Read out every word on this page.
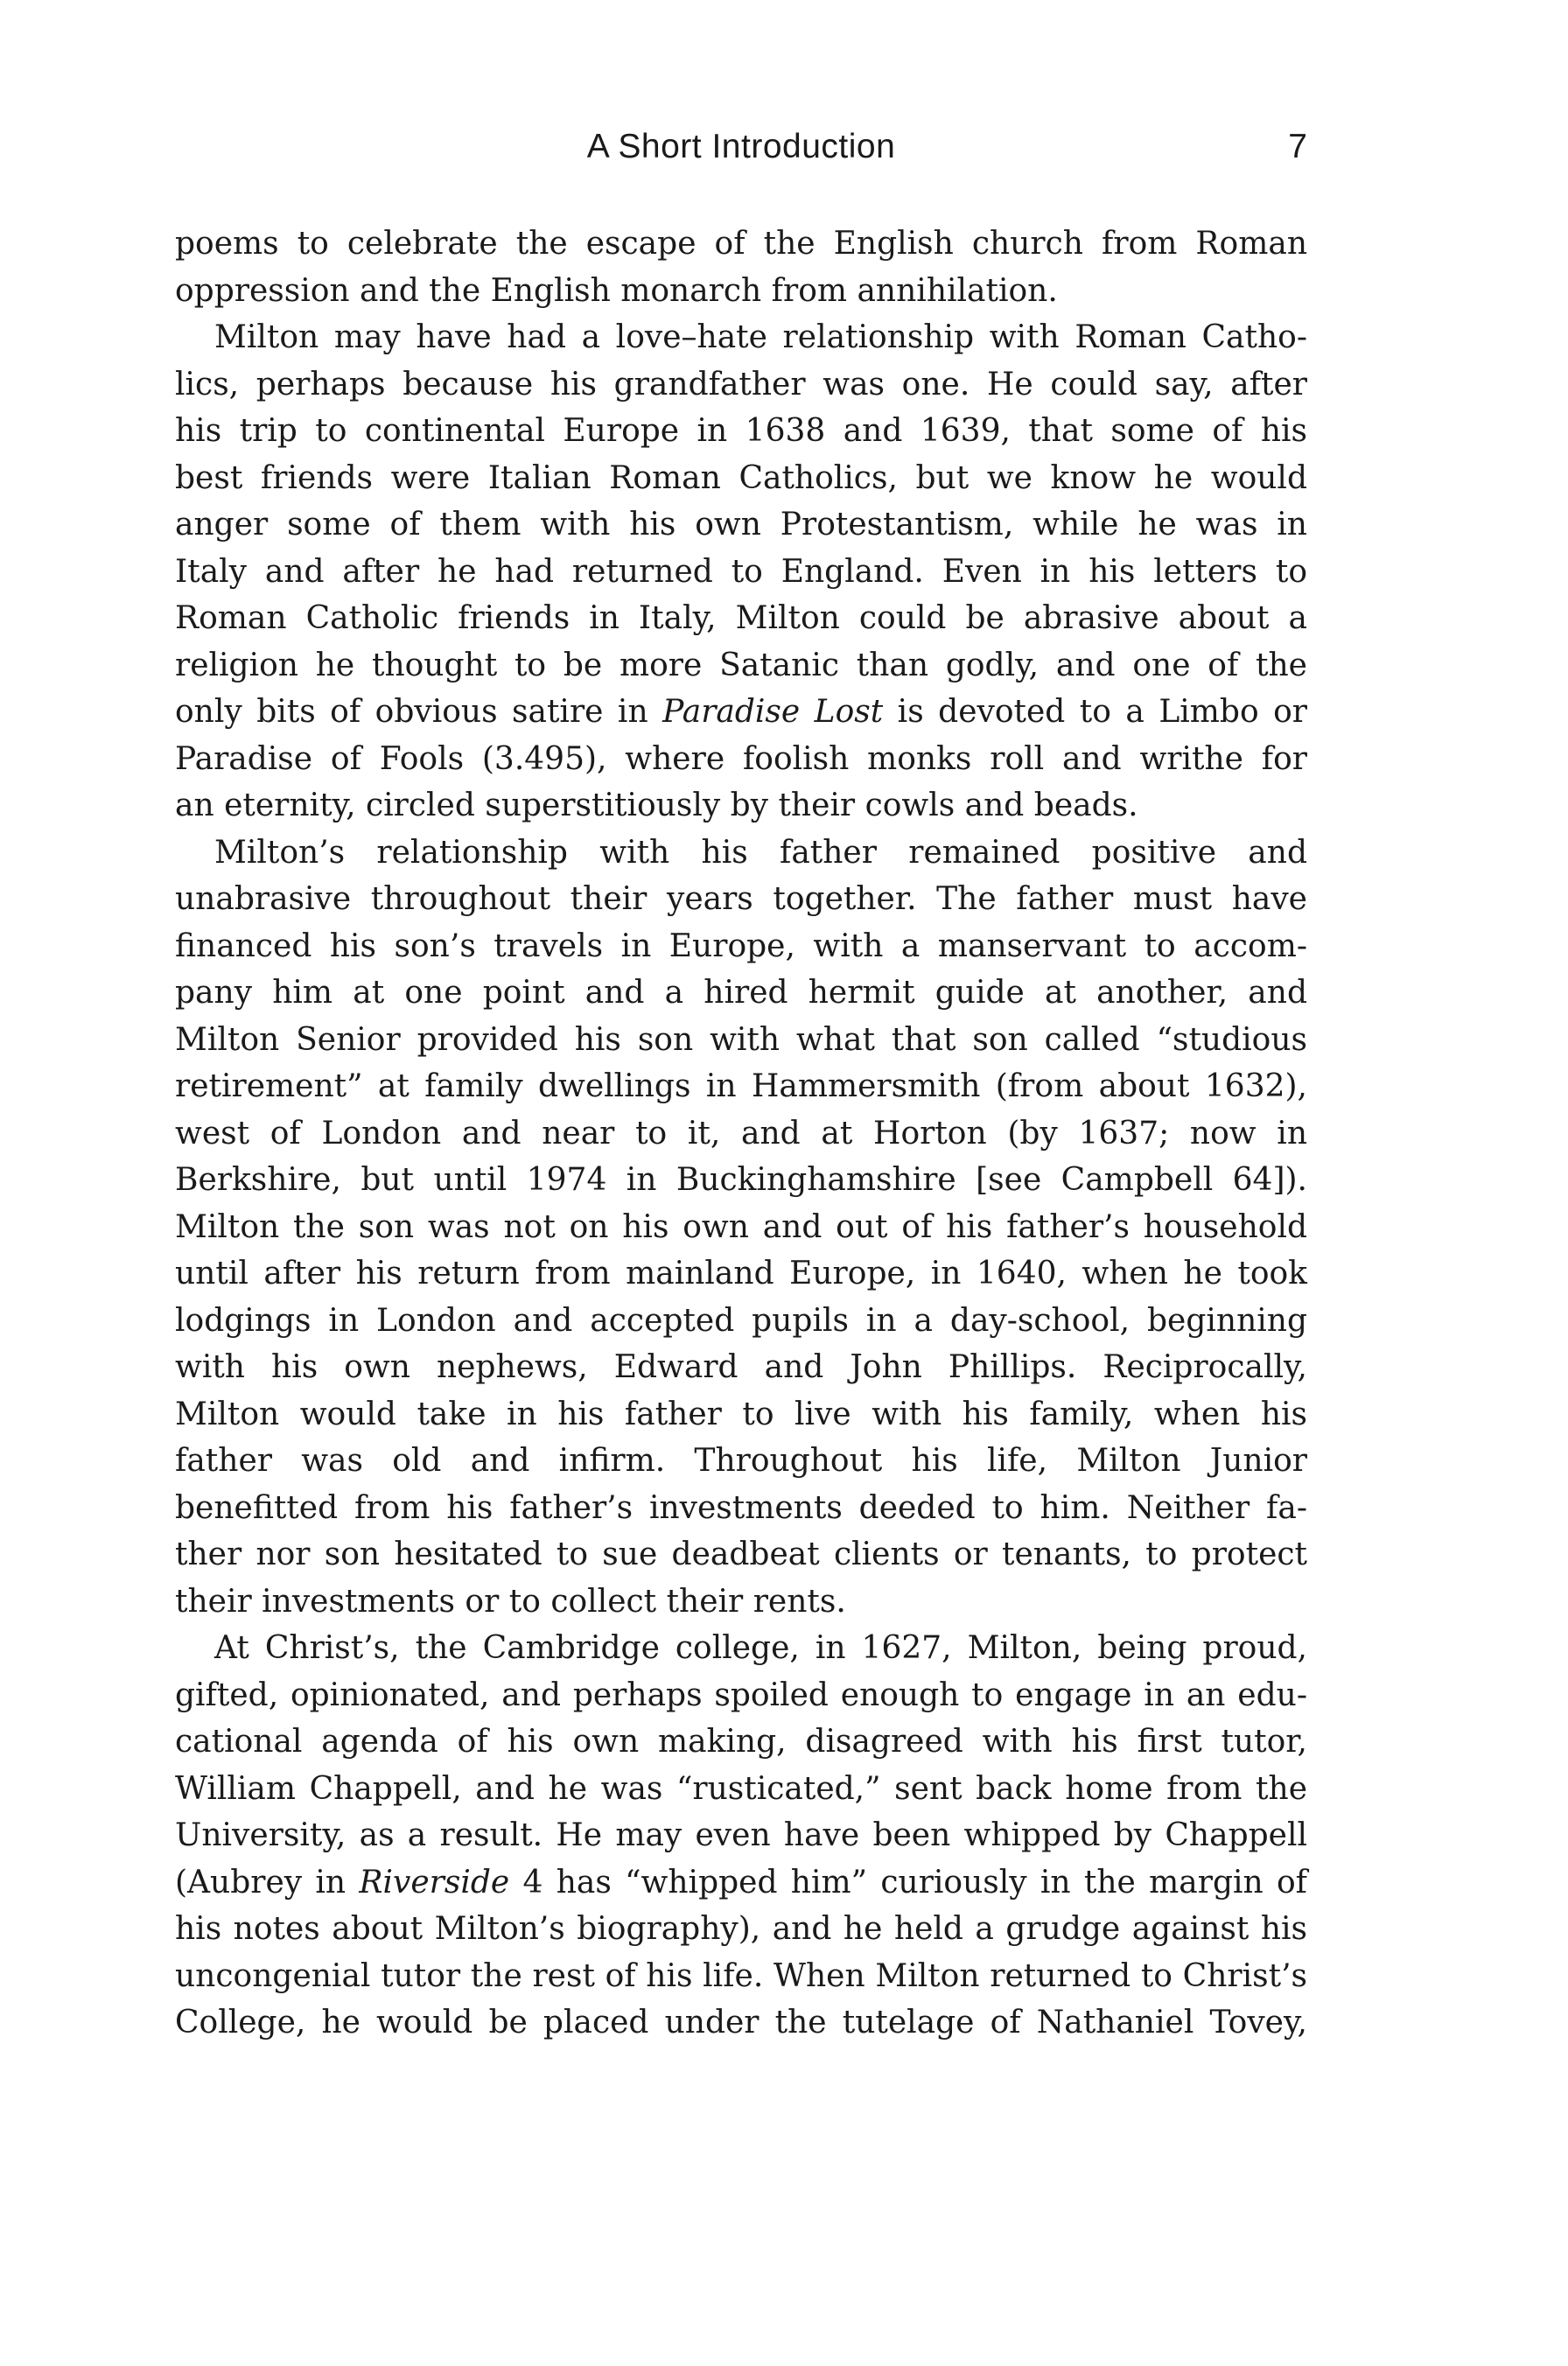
A Short Introduction	7

poems to celebrate the escape of the English church from Roman
oppression and the English monarch from annihilation.

Milton may have had a love–hate relationship with Roman Catho-
lics, perhaps because his grandfather was one. He could say, after
his trip to continental Europe in 1638 and 1639, that some of his
best friends were Italian Roman Catholics, but we know he would
anger some of them with his own Protestantism, while he was in
Italy and after he had returned to England. Even in his letters to
Roman Catholic friends in Italy, Milton could be abrasive about a
religion he thought to be more Satanic than godly, and one of the
only bits of obvious satire in Paradise Lost is devoted to a Limbo or
Paradise of Fools (3.495), where foolish monks roll and writhe for
an eternity, circled superstitiously by their cowls and beads.

Milton’s relationship with his father remained positive and
unabrasive throughout their years together. The father must have
financed his son’s travels in Europe, with a manservant to accom-
pany him at one point and a hired hermit guide at another, and
Milton Senior provided his son with what that son called “studious
retirement” at family dwellings in Hammersmith (from about 1632),
west of London and near to it, and at Horton (by 1637; now in
Berkshire, but until 1974 in Buckinghamshire [see Campbell 64]).
Milton the son was not on his own and out of his father’s household
until after his return from mainland Europe, in 1640, when he took
lodgings in London and accepted pupils in a day-school, beginning
with his own nephews, Edward and John Phillips. Reciprocally,
Milton would take in his father to live with his family, when his
father was old and infirm. Throughout his life, Milton Junior
benefitted from his father’s investments deeded to him. Neither fa-
ther nor son hesitated to sue deadbeat clients or tenants, to protect
their investments or to collect their rents.

At Christ’s, the Cambridge college, in 1627, Milton, being proud,
gifted, opinionated, and perhaps spoiled enough to engage in an edu-
cational agenda of his own making, disagreed with his first tutor,
William Chappell, and he was “rusticated,” sent back home from the
University, as a result. He may even have been whipped by Chappell
(Aubrey in Riverside 4 has “whipped him” curiously in the margin of
his notes about Milton’s biography), and he held a grudge against his
uncongenial tutor the rest of his life. When Milton returned to Christ’s
College, he would be placed under the tutelage of Nathaniel Tovey,
